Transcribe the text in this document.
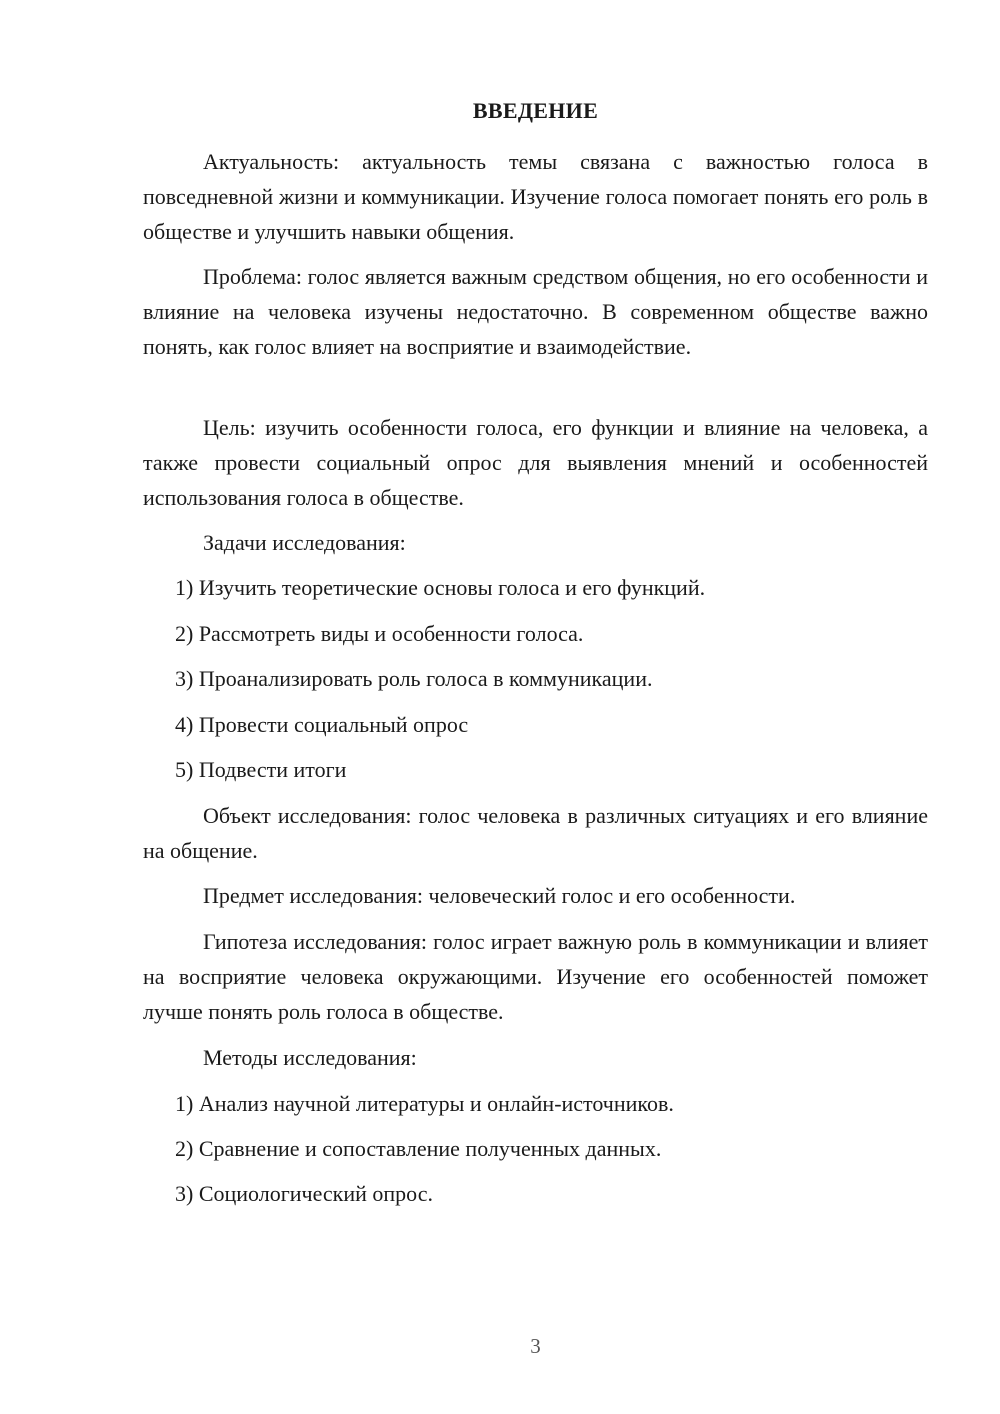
ВВЕДЕНИЕ

Актуальность: актуальность темы связана с важностью голоса в повседневной жизни и коммуникации. Изучение голоса помогает понять его роль в обществе и улучшить навыки общения.

Проблема: голос является важным средством общения, но его особенности и влияние на человека изучены недостаточно. В современном обществе важно понять, как голос влияет на восприятие и взаимодействие.

Цель: изучить особенности голоса, его функции и влияние на человека, а также провести социальный опрос для выявления мнений и особенностей использования голоса в обществе.

Задачи исследования:

1) Изучить теоретические основы голоса и его функций.

2) Рассмотреть виды и особенности голоса.

3) Проанализировать роль голоса в коммуникации.

4) Провести социальный опрос

5) Подвести итоги

Объект исследования: голос человека в различных ситуациях и его влияние на общение.

Предмет исследования: человеческий голос и его особенности.

Гипотеза исследования: голос играет важную роль в коммуникации и влияет на восприятие человека окружающими. Изучение его особенностей поможет лучше понять роль голоса в обществе.

Методы исследования:

1) Анализ научной литературы и онлайн-источников.

2) Сравнение и сопоставление полученных данных.

3) Социологический опрос.

3
